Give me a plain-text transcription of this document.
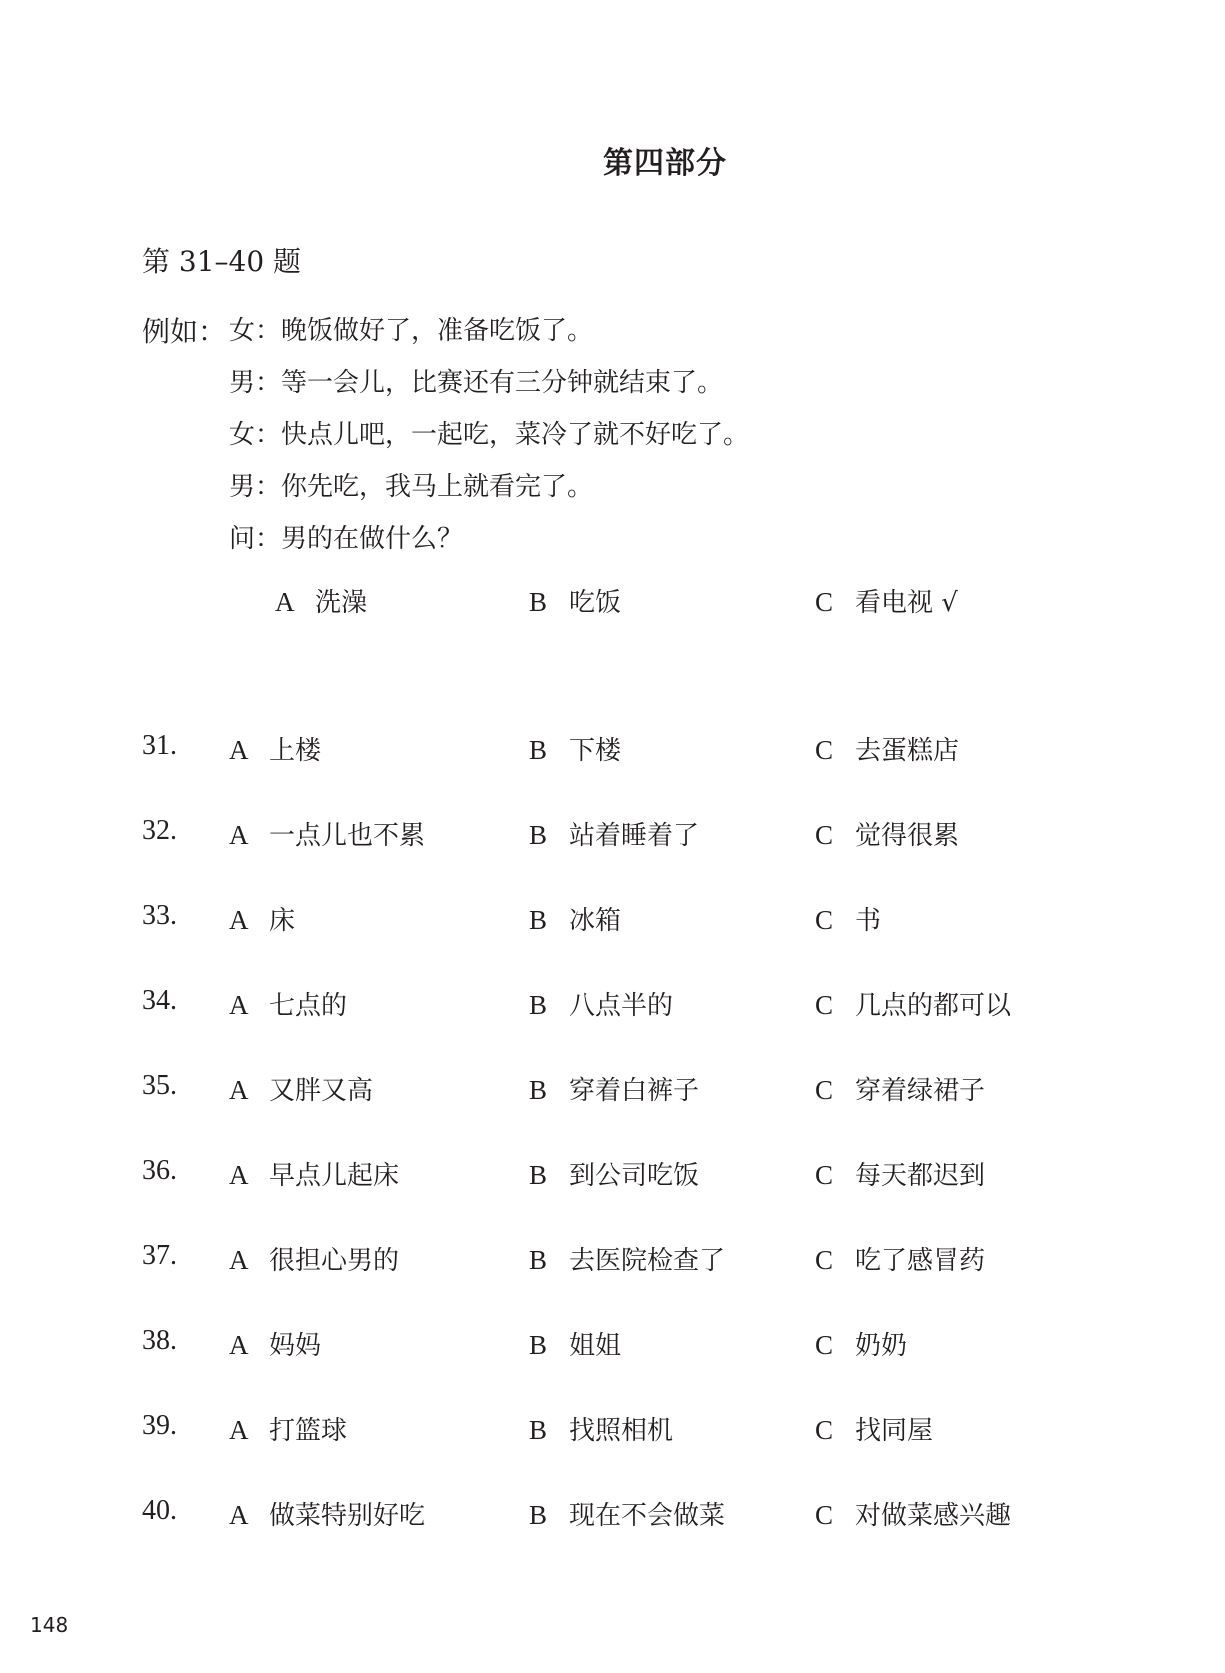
第四部分
第 31–40 题
例如： 女：晚饭做好了，准备吃饭了。
男：等一会儿，比赛还有三分钟就结束了。
女：快点儿吧，一起吃，菜冷了就不好吃了。
男：你先吃，我马上就看完了。
问：男的在做什么？
A 洗澡	B 吃饭	C 看电视 √
31. A 上楼	B 下楼	C 去蛋糕店
32. A 一点儿也不累	B 站着睡着了	C 觉得很累
33. A 床	B 冰箱	C 书
34. A 七点的	B 八点半的	C 几点的都可以
35. A 又胖又高	B 穿着白裤子	C 穿着绿裙子
36. A 早点儿起床	B 到公司吃饭	C 每天都迟到
37. A 很担心男的	B 去医院检查了	C 吃了感冒药
38. A 妈妈	B 姐姐	C 奶奶
39. A 打篮球	B 找照相机	C 找同屋
40. A 做菜特别好吃	B 现在不会做菜	C 对做菜感兴趣
148
